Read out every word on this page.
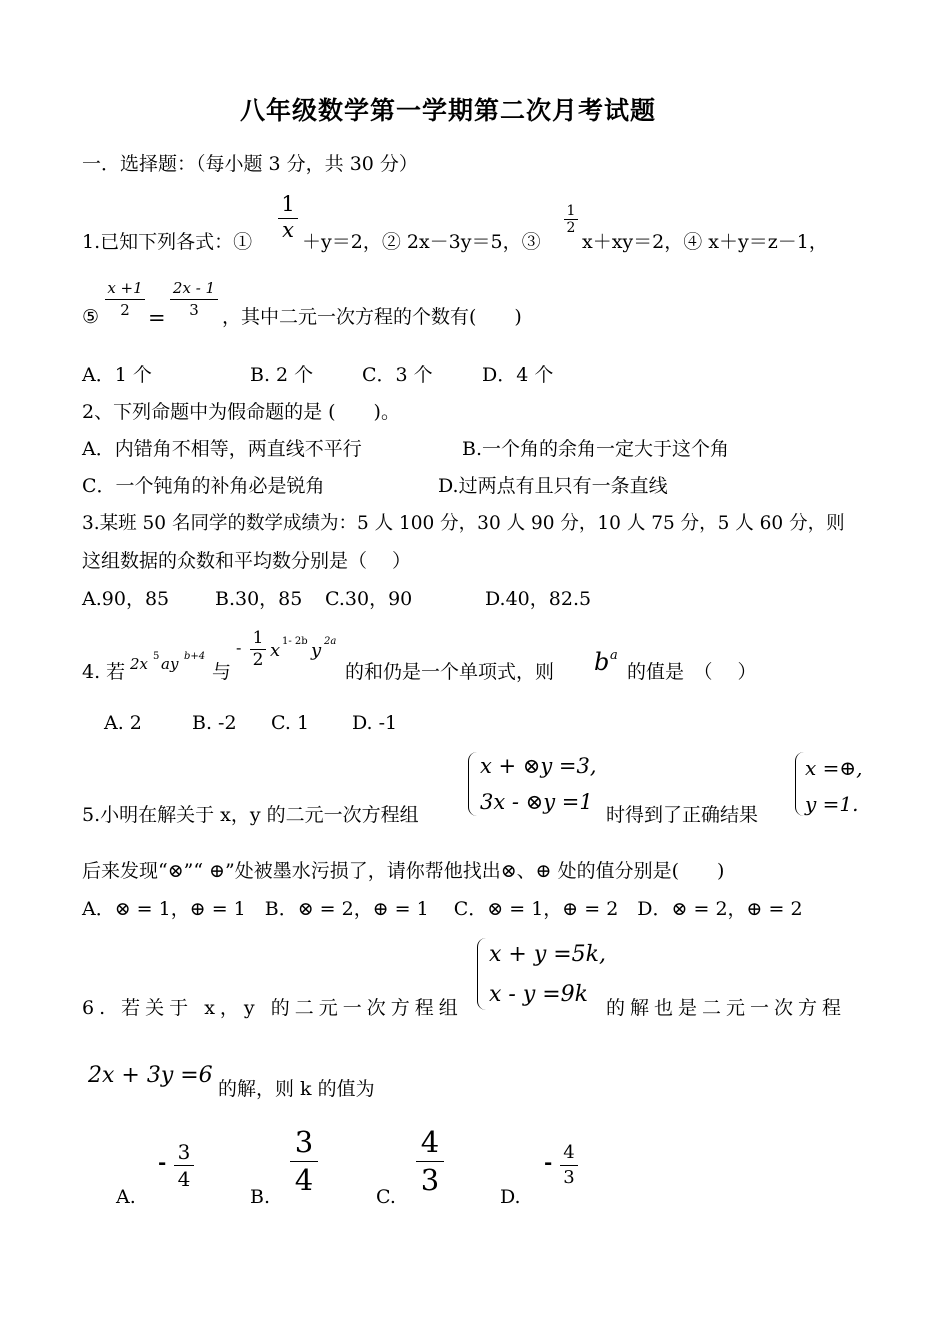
八年级数学第一学期第二次月考试题
一．选择题：（每小题 3 分，共 30 分）
1.已知下列各式：①
1
x ＋y＝2，② 2x－3y＝5，③
1
2
x＋xy＝2，④ x＋y＝z－1，
⑤
x +1
2 =
2x - 1
3	，其中二元一次方程的个数有(　　)
A．1 个	B. 2 个	C．3 个	D．4 个
2、下列命题中为假命题的是 (　　)。
A．内错角不相等，两直线不平行	B.一个角的余角一定大于这个角
C．一个钝角的补角必是锐角	D.过两点有且只有一条直线
3.某班 50 名同学的数学成绩为：5 人 100 分，30 人 90 分，10 人 75 分，5 人 60 分，则
这组数据的众数和平均数分别是（　 ）
A.90，85 B.30，85 C.30，90	D.40，82.5
4. 若 2x 5 ay b+4
与
- 1
2 x 1- 2b y 2a
的和仍是一个单项式，则 b a
的值是　（　 ）
A. 2	B. -2 C. 1 D. -1
5.小明在解关于 x，y 的二元一次方程组
x + ⊗y =3,
3x - ⊗y =1
时得到了正确结果
x =⊕,
y =1.
后来发现“⊗”“ ⊕”处被墨水污损了，请你帮他找出⊗、⊕ 处的值分别是(　　)
A．⊗ = 1，⊕ = 1　B．⊗ = 2，⊕ = 1　 C．⊗ = 1，⊕ = 2　D．⊗ = 2，⊕ = 2
6. 若关于 x，y 的二元一次方程组
x + y =5k,
x - y =9k
的解也是二元一次方程
2x + 3y =6
的解，则 k 的值为
A.
- 3
4
B.
3
4	C.
4
3	D.
- 4
3
